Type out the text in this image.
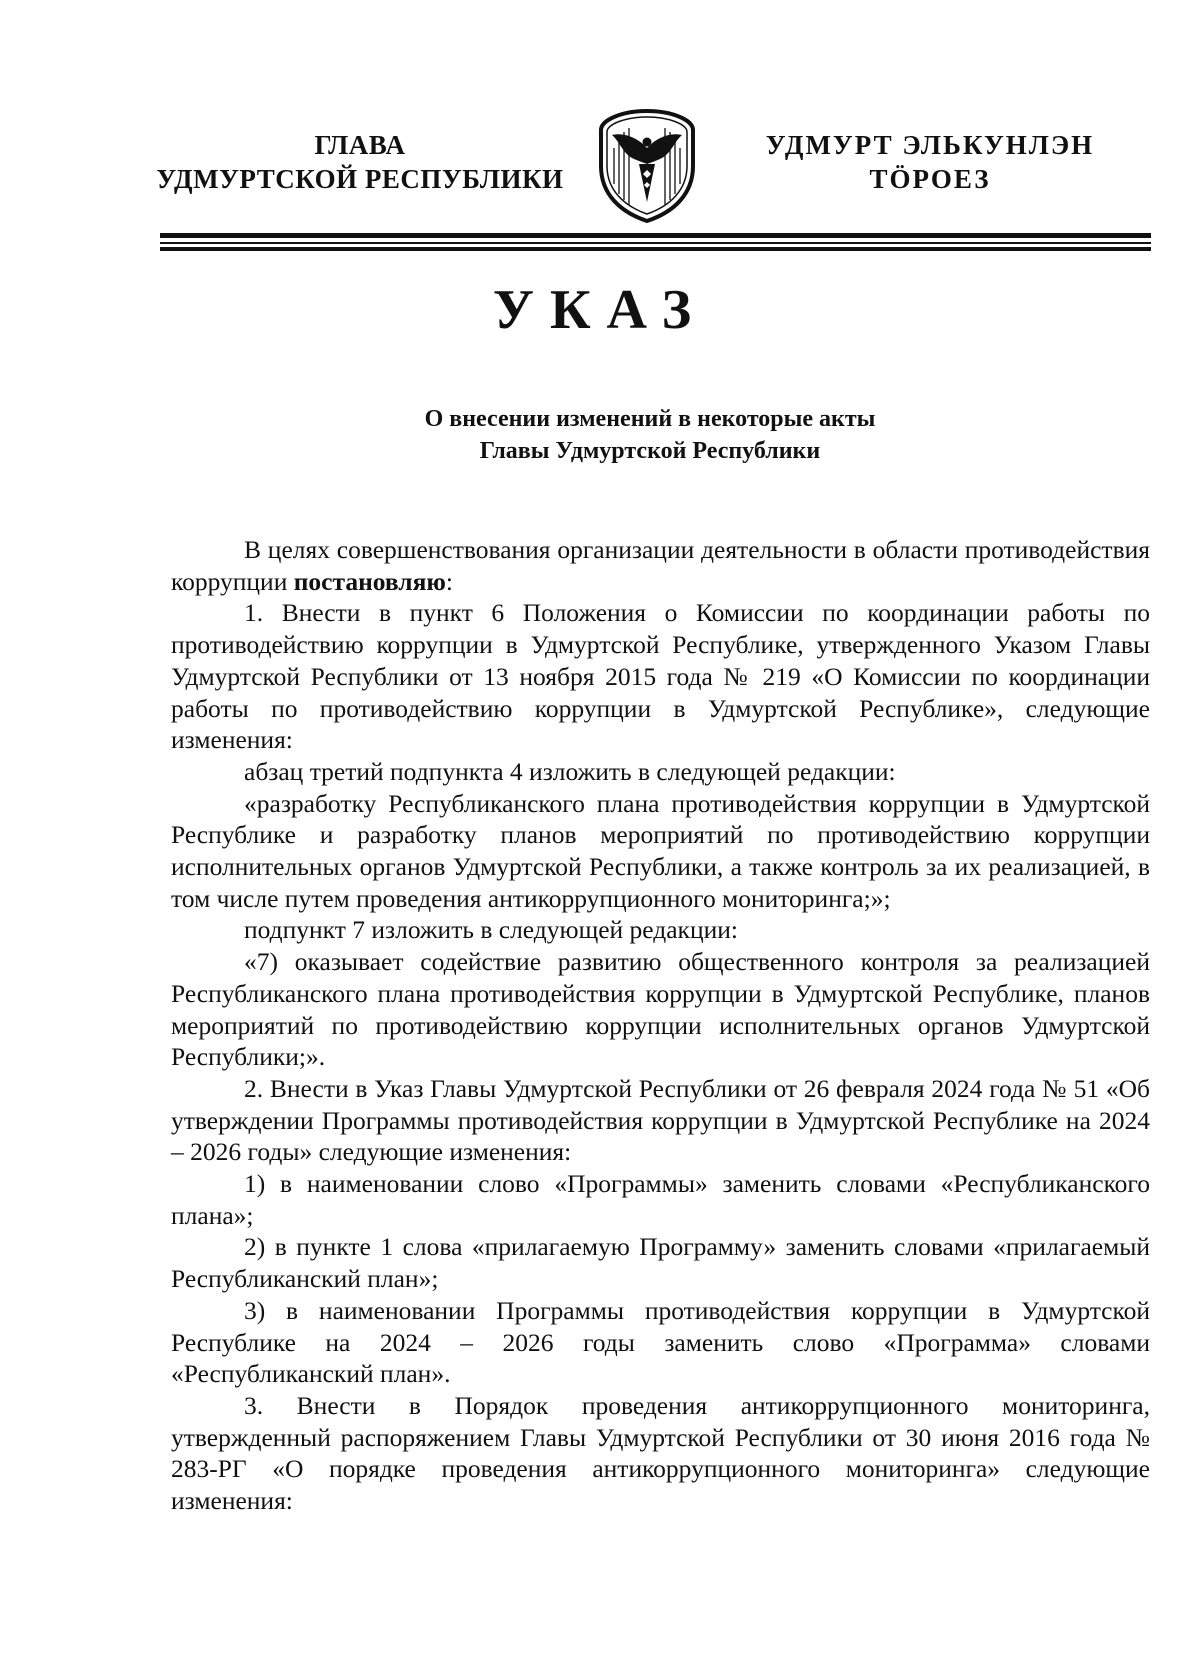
ГЛАВА
УДМУРТСКОЙ РЕСПУБЛИКИ
УДМУРТ ЭЛЬКУНЛЭН
ТӦРОЕЗ
УКАЗ
О внесении изменений в некоторые акты
Главы Удмуртской Республики

В целях совершенствования организации деятельности в области противодействия коррупции постановляю:

1. Внести в пункт 6 Положения о Комиссии по координации работы по противодействию коррупции в Удмуртской Республике, утвержденного Указом Главы Удмуртской Республики от 13 ноября 2015 года № 219 «О Комиссии по координации работы по противодействию коррупции в Удмуртской Республике», следующие изменения:

абзац третий подпункта 4 изложить в следующей редакции:

«разработку Республиканского плана противодействия коррупции в Удмуртской Республике и разработку планов мероприятий по противодействию коррупции исполнительных органов Удмуртской Республики, а также контроль за их реализацией, в том числе путем проведения антикоррупционного мониторинга;»;

подпункт 7 изложить в следующей редакции:

«7) оказывает содействие развитию общественного контроля за реализацией Республиканского плана противодействия коррупции в Удмуртской Республике, планов мероприятий по противодействию коррупции исполнительных органов Удмуртской Республики;».

2. Внести в Указ Главы Удмуртской Республики от 26 февраля 2024 года № 51 «Об утверждении Программы противодействия коррупции в Удмуртской Республике на 2024 – 2026 годы» следующие изменения:

1) в наименовании слово «Программы» заменить словами «Республиканского плана»;

2) в пункте 1 слова «прилагаемую Программу» заменить словами «прилагаемый Республиканский план»;

3) в наименовании Программы противодействия коррупции в Удмуртской Республике на 2024 – 2026 годы заменить слово «Программа» словами «Республиканский план».

3. Внести в Порядок проведения антикоррупционного мониторинга, утвержденный распоряжением Главы Удмуртской Республики от 30 июня 2016 года № 283-РГ «О порядке проведения антикоррупционного мониторинга» следующие изменения:
